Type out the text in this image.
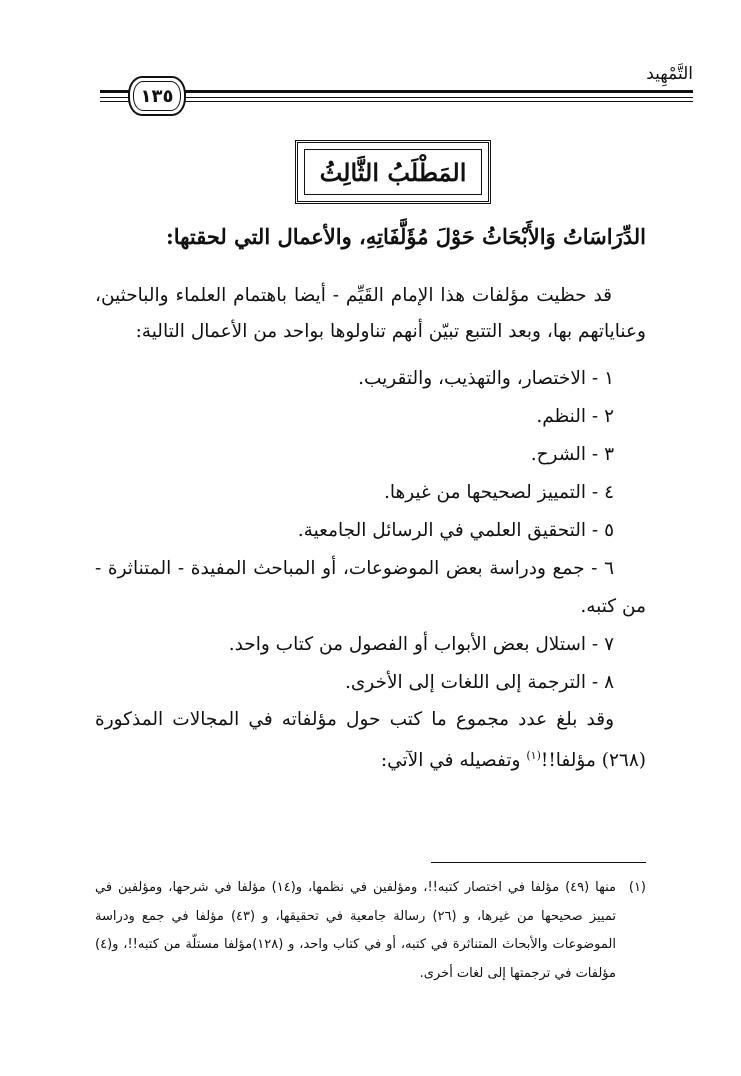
التَّمْهِيد
١٣٥
المَطْلَبُ الثَّالِثُ
الدِّرَاسَاتُ وَالأَبْحَاثُ حَوْلَ مُؤَلَّفَاتِهِ، والأعمال التي لحقتها:

قد حظيت مؤلفات هذا الإمام القَيِّم - أيضا باهتمام العلماء والباحثين، وعناياتهم بها، وبعد التتبع تبيّن أنهم تناولوها بواحد من الأعمال التالية:

١ - الاختصار، والتهذيب، والتقريب.
٢ - النظم.
٣ - الشرح.
٤ - التمييز لصحيحها من غيرها.
٥ - التحقيق العلمي في الرسائل الجامعية.
٦ - جمع ودراسة بعض الموضوعات، أو المباحث المفيدة - المتناثرة - من كتبه.
٧ - استلال بعض الأبواب أو الفصول من كتاب واحد.
٨ - الترجمة إلى اللغات إلى الأخرى.

وقد بلغ عدد مجموع ما كتب حول مؤلفاته في المجالات المذكورة (٢٦٨) مؤلفا!!$^{(١)}$ وتفصيله في الآتي:

(١)
منها (٤٩) مؤلفا في اختصار كتبه!!، ومؤلفين في نظمها، و(١٤) مؤلفا في شرحها، ومؤلفين في تمييز صحيحها من غيرها، و (٢٦) رسالة جامعية في تحقيقها، و (٤٣) مؤلفا في جمع ودراسة الموضوعات والأبحاث المتناثرة في كتبه، أو في كتاب واحد، و (١٢٨)مؤلفا مستلّة من كتبه!!، و(٤) مؤلفات في ترجمتها إلى لغات أخرى.
